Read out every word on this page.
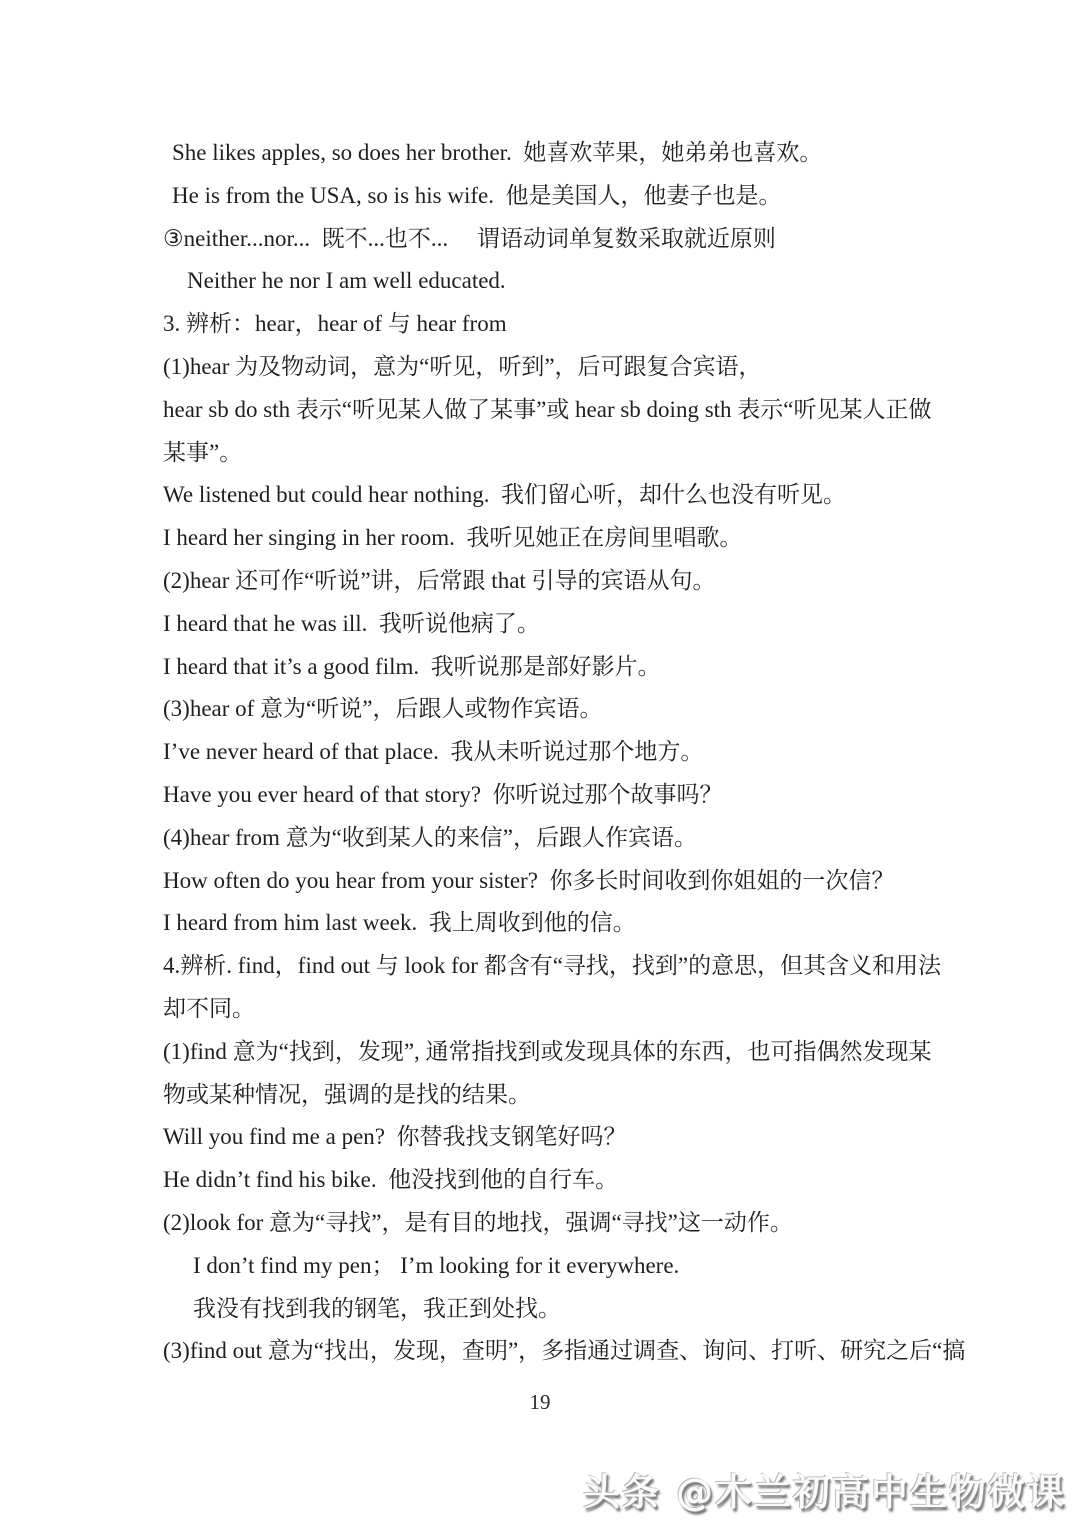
She likes apples, so does her brother.  她喜欢苹果，她弟弟也喜欢。
He is from the USA, so is his wife.  他是美国人，他妻子也是。
③neither...nor...  既不...也不...     谓语动词单复数采取就近原则
Neither he nor I am well educated.
3. 辨析：hear，hear of 与 hear from
(1)hear 为及物动词，意为“听见，听到”，后可跟复合宾语，
hear sb do sth 表示“听见某人做了某事”或 hear sb doing sth 表示“听见某人正做
某事”。
We listened but could hear nothing.  我们留心听，却什么也没有听见。
I heard her singing in her room.  我听见她正在房间里唱歌。
(2)hear 还可作“听说”讲，后常跟 that 引导的宾语从句。
I heard that he was ill.  我听说他病了。
I heard that it’s a good film.  我听说那是部好影片。
(3)hear of 意为“听说”，后跟人或物作宾语。
I’ve never heard of that place.  我从未听说过那个地方。
Have you ever heard of that story?  你听说过那个故事吗？
(4)hear from 意为“收到某人的来信”，后跟人作宾语。
How often do you hear from your sister?  你多长时间收到你姐姐的一次信？
I heard from him last week.  我上周收到他的信。
4.辨析. find，find out 与 look for 都含有“寻找，找到”的意思，但其含义和用法
却不同。
(1)find 意为“找到，发现”, 通常指找到或发现具体的东西，也可指偶然发现某
物或某种情况，强调的是找的结果。
Will you find me a pen?  你替我找支钢笔好吗？
He didn’t find his bike.  他没找到他的自行车。
(2)look for 意为“寻找”，是有目的地找，强调“寻找”这一动作。
I don’t find my pen； I’m looking for it everywhere.
我没有找到我的钢笔，我正到处找。
(3)find out 意为“找出，发现，查明”，多指通过调查、询问、打听、研究之后“搞
19
头条 @木兰初高中生物微课
